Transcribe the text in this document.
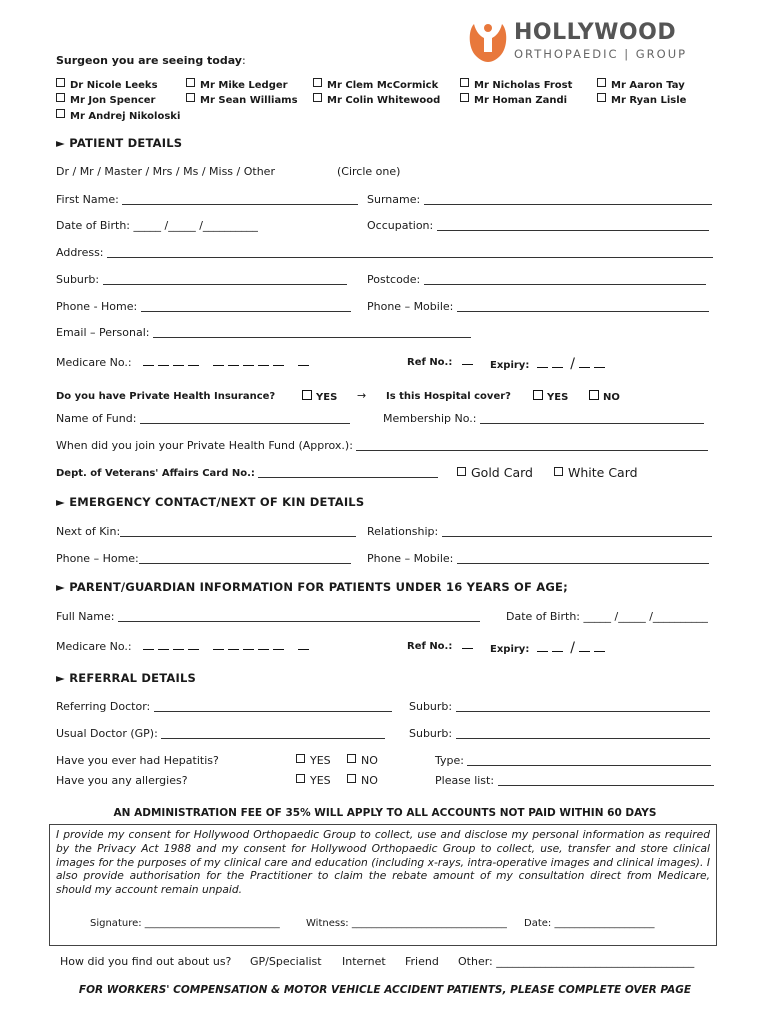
HOLLYWOOD
ORTHOPAEDIC | GROUP
Surgeon you are seeing today:
Dr Nicole Leeks
Mr Jon Spencer
Mr Andrej Nikoloski
Mr Mike Ledger
Mr Sean Williams
Mr Clem McCormick
Mr Colin Whitewood
Mr Nicholas Frost
Mr Homan Zandi
Mr Aaron Tay
Mr Ryan Lisle
► PATIENT DETAILS
Dr / Mr / Master / Mrs / Ms / Miss / Other	(Circle one)
First Name:	Surname:
Date of Birth: _____ /_____ /__________	Occupation:
Address:
Suburb:	Postcode:
Phone - Home:	Phone – Mobile:
Email – Personal:
Medicare No.:	Ref No.:	Expiry:	/
Do you have Private Health Insurance?	YES → Is this Hospital cover?	YES	NO
Name of Fund:	Membership No.:
When did you join your Private Health Fund (Approx.):
Dept. of Veterans' Affairs Card No.:	Gold Card	White Card
► EMERGENCY CONTACT/NEXT OF KIN DETAILS
Next of Kin:	Relationship:
Phone – Home:	Phone – Mobile:
► PARENT/GUARDIAN INFORMATION FOR PATIENTS UNDER 16 YEARS OF AGE;
Full Name:	Date of Birth: _____ /_____ /__________
Medicare No.:	Ref No.:	Expiry:	/
► REFERRAL DETAILS
Referring Doctor:	Suburb:
Usual Doctor (GP):	Suburb:
Have you ever had Hepatitis?	YES	NO	Type:
Have you any allergies?	YES	NO	Please list:
AN ADMINISTRATION FEE OF 35% WILL APPLY TO ALL ACCOUNTS NOT PAID WITHIN 60 DAYS
I provide my consent for Hollywood Orthopaedic Group to collect, use and disclose my personal information as required by the Privacy Act 1988 and my consent for Hollywood Orthopaedic Group to collect, use, transfer and store clinical images for the purposes of my clinical care and education (including x-rays, intra-operative images and clinical images). I also provide authorisation for the Practitioner to claim the rebate amount of my consultation direct from Medicare, should my account remain unpaid.
Signature: ___________________________	Witness: _______________________________ Date: ____________________
How did you find out about us? GP/Specialist Internet Friend Other: ____________________________________
FOR WORKERS' COMPENSATION & MOTOR VEHICLE ACCIDENT PATIENTS, PLEASE COMPLETE OVER PAGE
